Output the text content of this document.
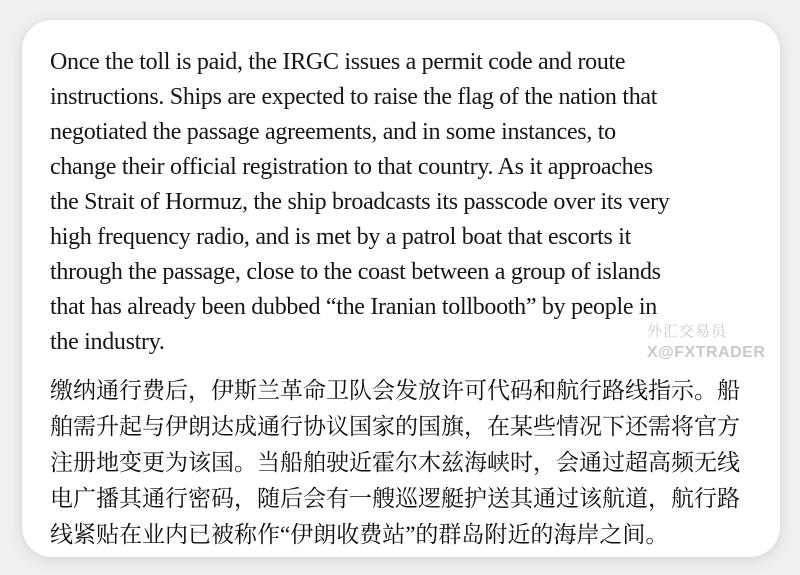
Once the toll is paid, the IRGC issues a permit code and route
instructions. Ships are expected to raise the flag of the nation that
negotiated the passage agreements, and in some instances, to
change their official registration to that country. As it approaches
the Strait of Hormuz, the ship broadcasts its passcode over its very
high frequency radio, and is met by a patrol boat that escorts it
through the passage, close to the coast between a group of islands
that has already been dubbed “the Iranian tollbooth” by people in
the industry.
缴纳通行费后，伊斯兰革命卫队会发放许可代码和航行路线指示。船
舶需升起与伊朗达成通行协议国家的国旗，在某些情况下还需将官方
注册地变更为该国。当船舶驶近霍尔木兹海峡时，会通过超高频无线
电广播其通行密码，随后会有一艘巡逻艇护送其通过该航道，航行路
线紧贴在业内已被称作“伊朗收费站”的群岛附近的海岸之间。
外汇交易员
X@FXTRADER
